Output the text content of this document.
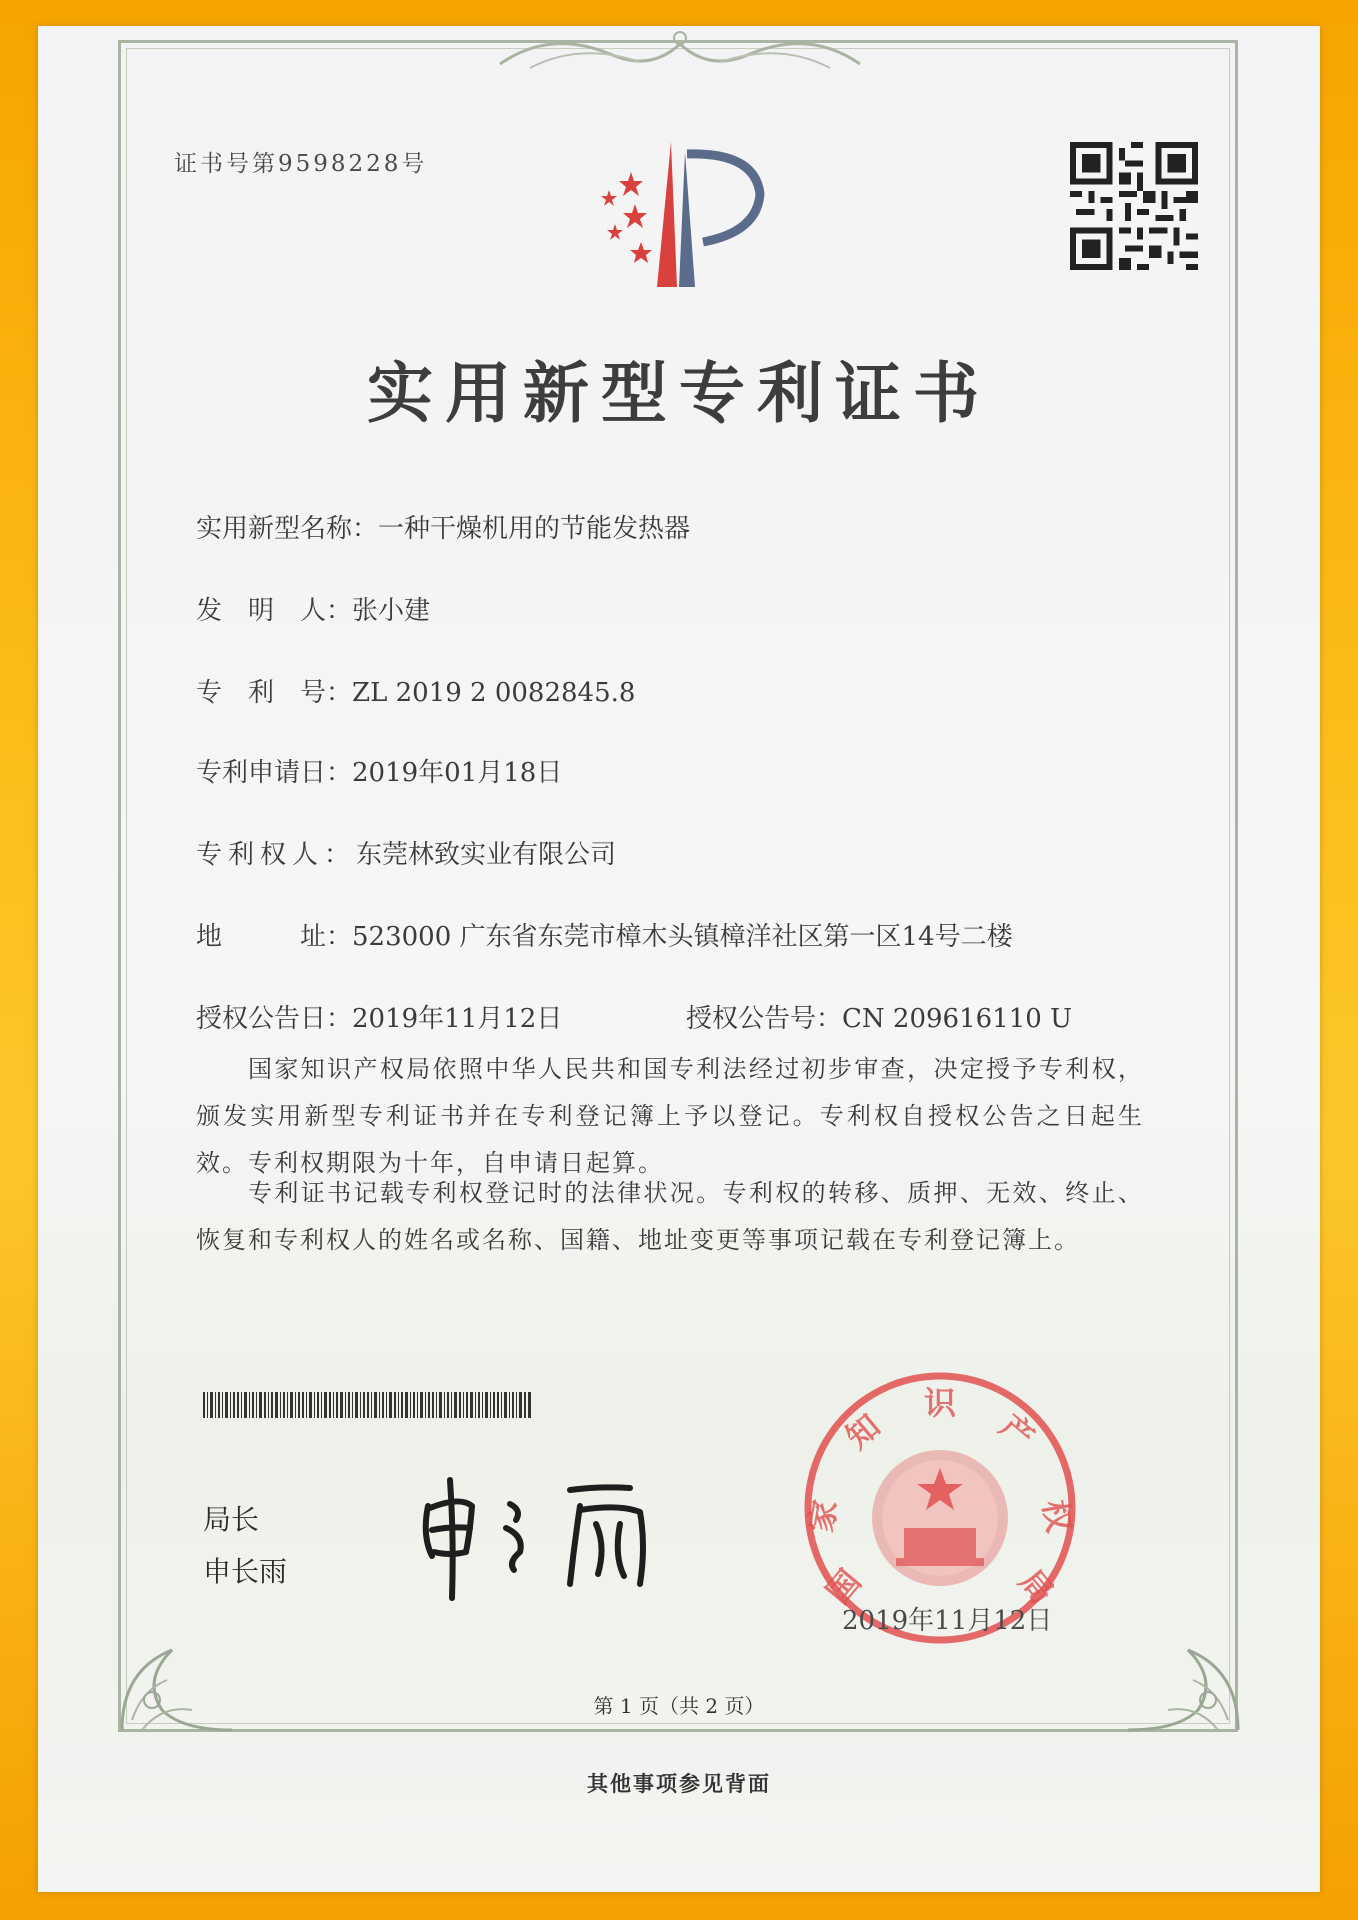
证书号第9598228号
实用新型专利证书
实用新型名称：一种干燥机用的节能发热器
发　明　人：张小建
专　利　号：ZL 2019 2 0082845.8
专利申请日：2019年01月18日
专利权人：东莞林致实业有限公司
地　　　址：523000 广东省东莞市樟木头镇樟洋社区第一区14号二楼
授权公告日：2019年11月12日	授权公告号：CN 209616110 U
国家知识产权局依照中华人民共和国专利法经过初步审查，决定授予专利权，颁发实用新型专利证书并在专利登记簿上予以登记。专利权自授权公告之日起生效。专利权期限为十年，自申请日起算。
专利证书记载专利权登记时的法律状况。专利权的转移、质押、无效、终止、恢复和专利权人的姓名或名称、国籍、地址变更等事项记载在专利登记簿上。
局长
申长雨	国
家
知
识
产
权
局
2019年11月12日
第 1 页（共 2 页）
其他事项参见背面
